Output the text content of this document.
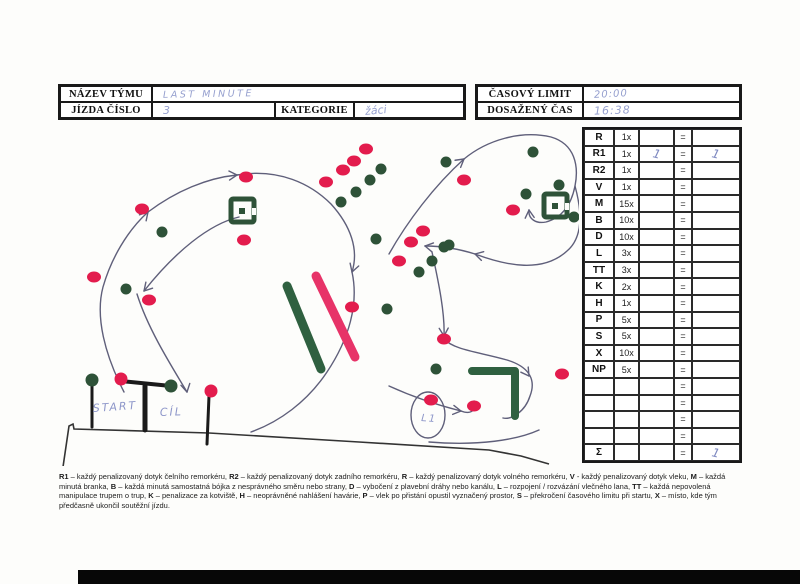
NÁZEV TÝMU	LAST MINUTE
JÍZDA ČÍSLO	3	KATEGORIE	žáci
ČASOVÝ LIMIT	20:00
DOSAŽENÝ ČAS	16:38
START CÍL
L1
R 1x	=
R1 1x 1 = 1
R2 1x	=
V 1x	=
M 15x	=
B 10x	=
D 10x	=
L 3x	=
TT 3x	=
K 2x	=
H 1x	=
P 5x	=
S 5x	=
X 10x	=
NP 5x	=
=
=
=
=
Σ	= 1
R1 – každý penalizovaný dotyk čelního remorkéru, R2 – každý penalizovaný dotyk zadního remorkéru, R – každý penalizovaný dotyk volného remorkéru, V - každý penalizovaný dotyk vleku, M – každá minutá branka, B – každá minutá samostatná bójka z nesprávného směru nebo strany, D – vybočení z plavební dráhy nebo kanálu, L – rozpojení / rozvázání vlečného lana, TT – každá nepovolená manipulace trupem o trup, K – penalizace za kotviště, H – neoprávněné nahlášení havárie, P – vlek po přistání opustil vyznačený prostor, S – překročení časového limitu při startu, X – místo, kde tým předčasně ukončil soutěžní jízdu.
